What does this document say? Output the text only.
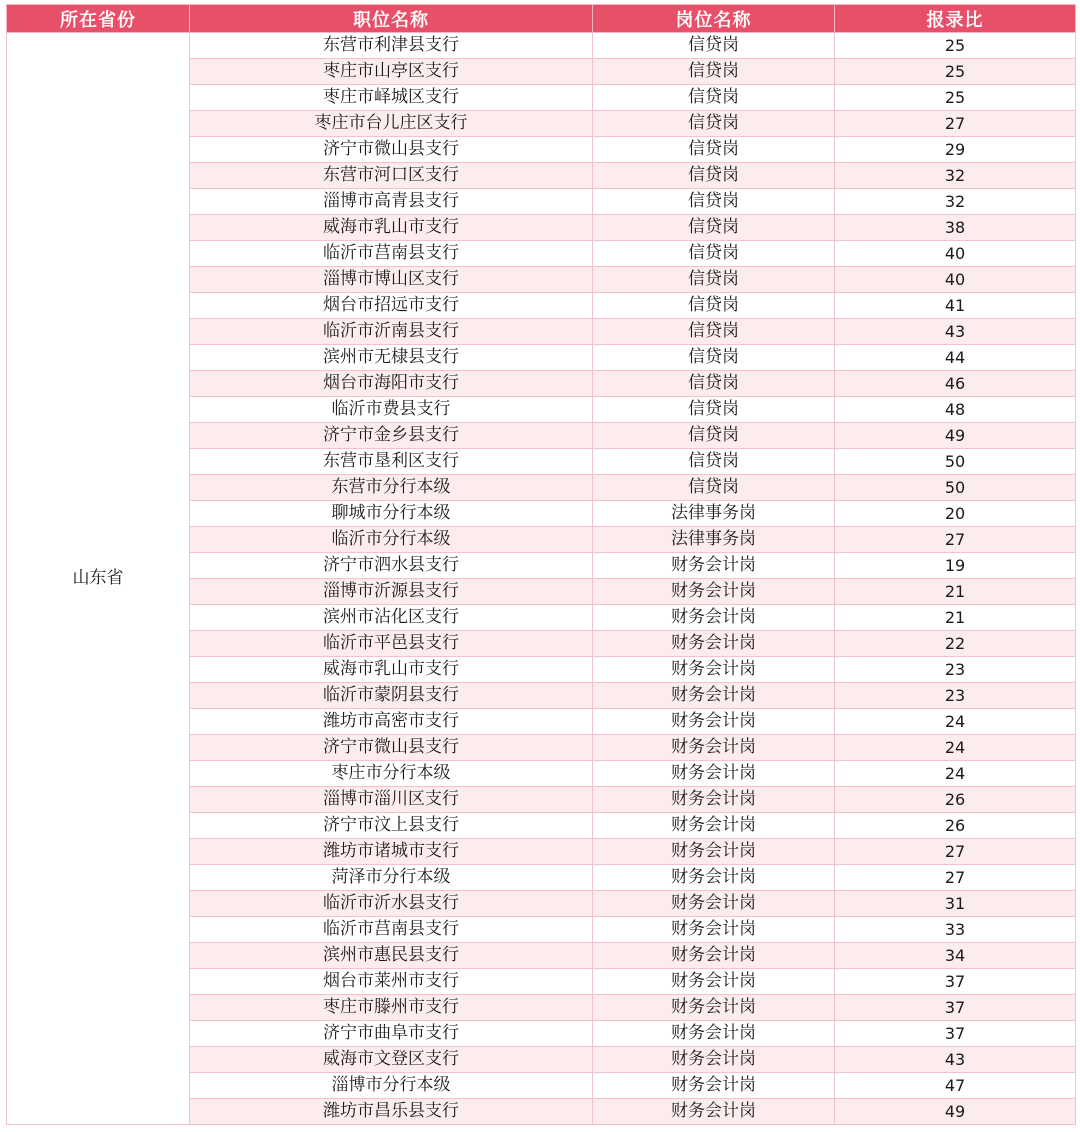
所在省份	职位名称	岗位名称	报录比
山东省	东营市利津县支行	信贷岗	25
	枣庄市山亭区支行	信贷岗	25
	枣庄市峄城区支行	信贷岗	25
	枣庄市台儿庄区支行	信贷岗	27
	济宁市微山县支行	信贷岗	29
	东营市河口区支行	信贷岗	32
	淄博市高青县支行	信贷岗	32
	威海市乳山市支行	信贷岗	38
	临沂市莒南县支行	信贷岗	40
	淄博市博山区支行	信贷岗	40
	烟台市招远市支行	信贷岗	41
	临沂市沂南县支行	信贷岗	43
	滨州市无棣县支行	信贷岗	44
	烟台市海阳市支行	信贷岗	46
	临沂市费县支行	信贷岗	48
	济宁市金乡县支行	信贷岗	49
	东营市垦利区支行	信贷岗	50
	东营市分行本级	信贷岗	50
	聊城市分行本级	法律事务岗	20
	临沂市分行本级	法律事务岗	27
	济宁市泗水县支行	财务会计岗	19
	淄博市沂源县支行	财务会计岗	21
	滨州市沾化区支行	财务会计岗	21
	临沂市平邑县支行	财务会计岗	22
	威海市乳山市支行	财务会计岗	23
	临沂市蒙阴县支行	财务会计岗	23
	潍坊市高密市支行	财务会计岗	24
	济宁市微山县支行	财务会计岗	24
	枣庄市分行本级	财务会计岗	24
	淄博市淄川区支行	财务会计岗	26
	济宁市汶上县支行	财务会计岗	26
	潍坊市诸城市支行	财务会计岗	27
	菏泽市分行本级	财务会计岗	27
	临沂市沂水县支行	财务会计岗	31
	临沂市莒南县支行	财务会计岗	33
	滨州市惠民县支行	财务会计岗	34
	烟台市莱州市支行	财务会计岗	37
	枣庄市滕州市支行	财务会计岗	37
	济宁市曲阜市支行	财务会计岗	37
	威海市文登区支行	财务会计岗	43
	淄博市分行本级	财务会计岗	47
	潍坊市昌乐县支行	财务会计岗	49
